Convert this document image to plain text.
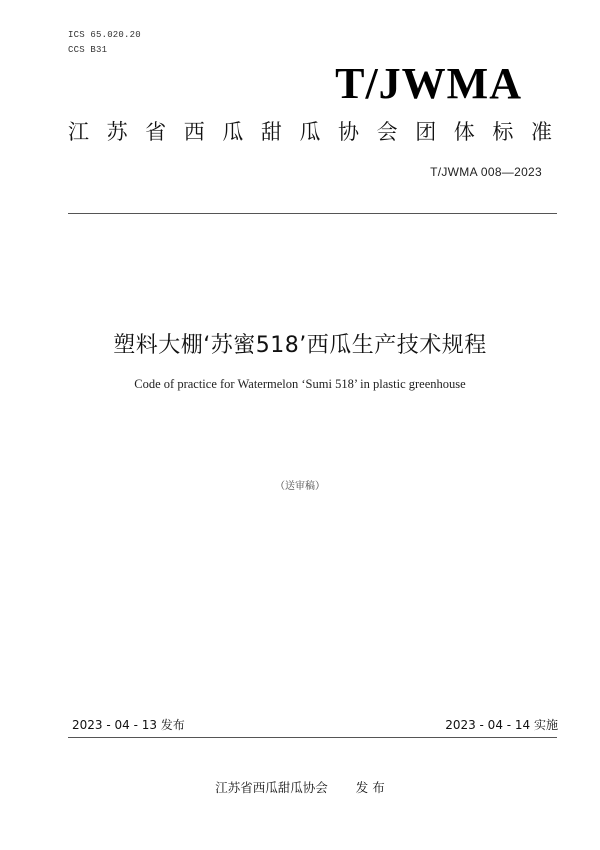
ICS 65.020.20
CCS B31
T/JWMA
江 苏 省 西 瓜 甜 瓜 协 会 团 体 标 准
T/JWMA 008—2023
塑料大棚‘苏蜜518’西瓜生产技术规程
Code of practice for Watermelon ‘Sumi 518’ in plastic greenhouse
（送审稿）
2023 - 04 - 13 发布	2023 - 04 - 14 实施
江苏省西瓜甜瓜协会 发 布
